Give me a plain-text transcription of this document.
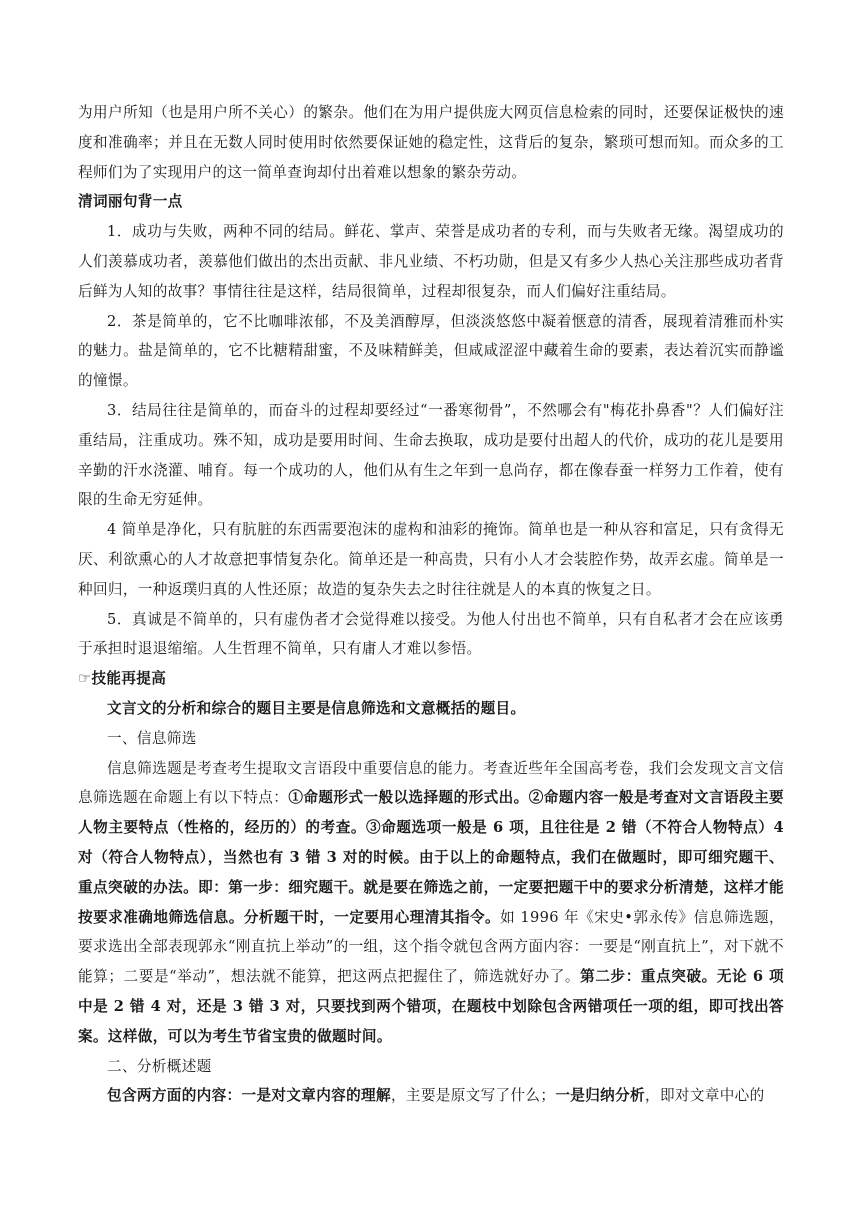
为用户所知（也是用户所不关心）的繁杂。他们在为用户提供庞大网页信息检索的同时，还要保证极快的速度和准确率；并且在无数人同时使用时依然要保证她的稳定性，这背后的复杂，繁琐可想而知。而众多的工程师们为了实现用户的这一简单查询却付出着难以想象的繁杂劳动。

清词丽句背一点

1．成功与失败，两种不同的结局。鲜花、掌声、荣誉是成功者的专利，而与失败者无缘。渴望成功的人们羡慕成功者，羡慕他们做出的杰出贡献、非凡业绩、不朽功勋，但是又有多少人热心关注那些成功者背后鲜为人知的故事？事情往往是这样，结局很简单，过程却很复杂，而人们偏好注重结局。

2．茶是简单的，它不比咖啡浓郁，不及美酒醇厚，但淡淡悠悠中凝着惬意的清香，展现着清雅而朴实的魅力。盐是简单的，它不比糖精甜蜜，不及味精鲜美，但咸咸涩涩中藏着生命的要素，表达着沉实而静谧的憧憬。

3．结局往往是简单的，而奋斗的过程却要经过“一番寒彻骨”，不然哪会有"梅花扑鼻香"？人们偏好注重结局，注重成功。殊不知，成功是要用时间、生命去换取，成功是要付出超人的代价，成功的花儿是要用辛勤的汗水浇灌、哺育。每一个成功的人，他们从有生之年到一息尚存，都在像春蚕一样努力工作着，使有限的生命无穷延伸。

4 简单是净化，只有肮脏的东西需要泡沫的虚构和油彩的掩饰。简单也是一种从容和富足，只有贪得无厌、利欲熏心的人才故意把事情复杂化。简单还是一种高贵，只有小人才会装腔作势，故弄玄虚。简单是一种回归，一种返璞归真的人性还原；故造的复杂失去之时往往就是人的本真的恢复之日。

5．真诚是不简单的，只有虚伪者才会觉得难以接受。为他人付出也不简单，只有自私者才会在应该勇于承担时退退缩缩。人生哲理不简单，只有庸人才难以参悟。

☞技能再提高

文言文的分析和综合的题目主要是信息筛选和文意概括的题目。

一、信息筛选

信息筛选题是考查考生提取文言语段中重要信息的能力。考查近些年全国高考卷，我们会发现文言文信息筛选题在命题上有以下特点：①命题形式一般以选择题的形式出。②命题内容一般是考查对文言语段主要人物主要特点（性格的，经历的）的考查。③命题选项一般是 6 项，且往往是 2 错（不符合人物特点）4 对（符合人物特点），当然也有 3 错 3 对的时候。由于以上的命题特点，我们在做题时，即可细究题干、重点突破的办法。即：第一步：细究题干。就是要在筛选之前，一定要把题干中的要求分析清楚，这样才能按要求准确地筛选信息。分析题干时，一定要用心理清其指令。如 1996 年《宋史•郭永传》信息筛选题，要求选出全部表现郭永“刚直抗上举动”的一组，这个指令就包含两方面内容：一要是“刚直抗上”，对下就不能算；二要是“举动”，想法就不能算，把这两点把握住了，筛选就好办了。第二步：重点突破。无论 6 项中是 2 错 4 对，还是 3 错 3 对，只要找到两个错项，在题枝中划除包含两错项任一项的组，即可找出答案。这样做，可以为考生节省宝贵的做题时间。

二、分析概述题

包含两方面的内容：一是对文章内容的理解，主要是原文写了什么；一是归纳分析，即对文章中心的
